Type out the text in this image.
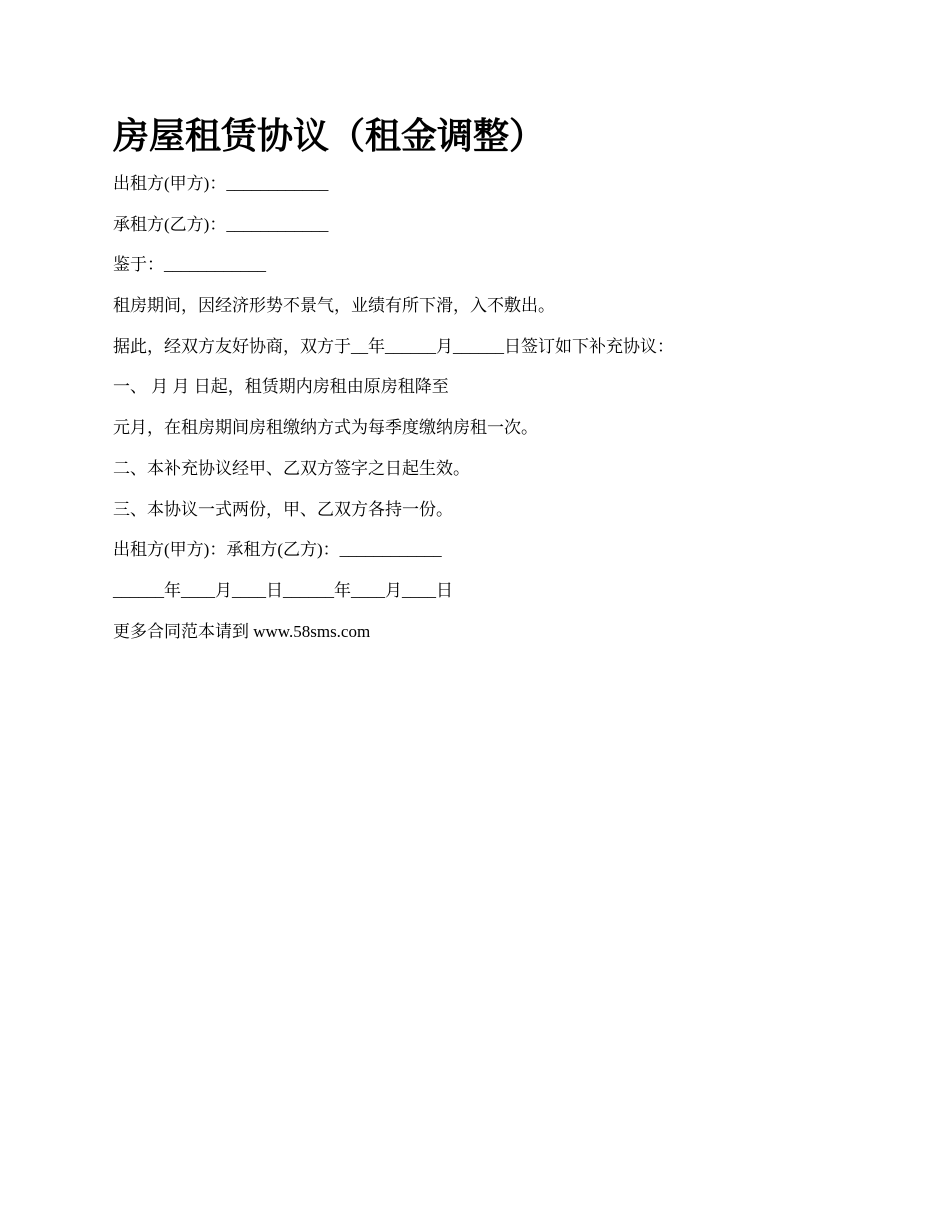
房屋租赁协议（租金调整）

出租方(甲方)：____________

承租方(乙方)：____________

鉴于：____________

租房期间，因经济形势不景气，业绩有所下滑，入不敷出。

据此，经双方友好协商，双方于__年______月______日签订如下补充协议：

一、 月 月 日起，租赁期内房租由原房租降至

元月，在租房期间房租缴纳方式为每季度缴纳房租一次。

二、本补充协议经甲、乙双方签字之日起生效。

三、本协议一式两份，甲、乙双方各持一份。

出租方(甲方)：承租方(乙方)：____________

______年____月____日______年____月____日

更多合同范本请到 www.58sms.com
